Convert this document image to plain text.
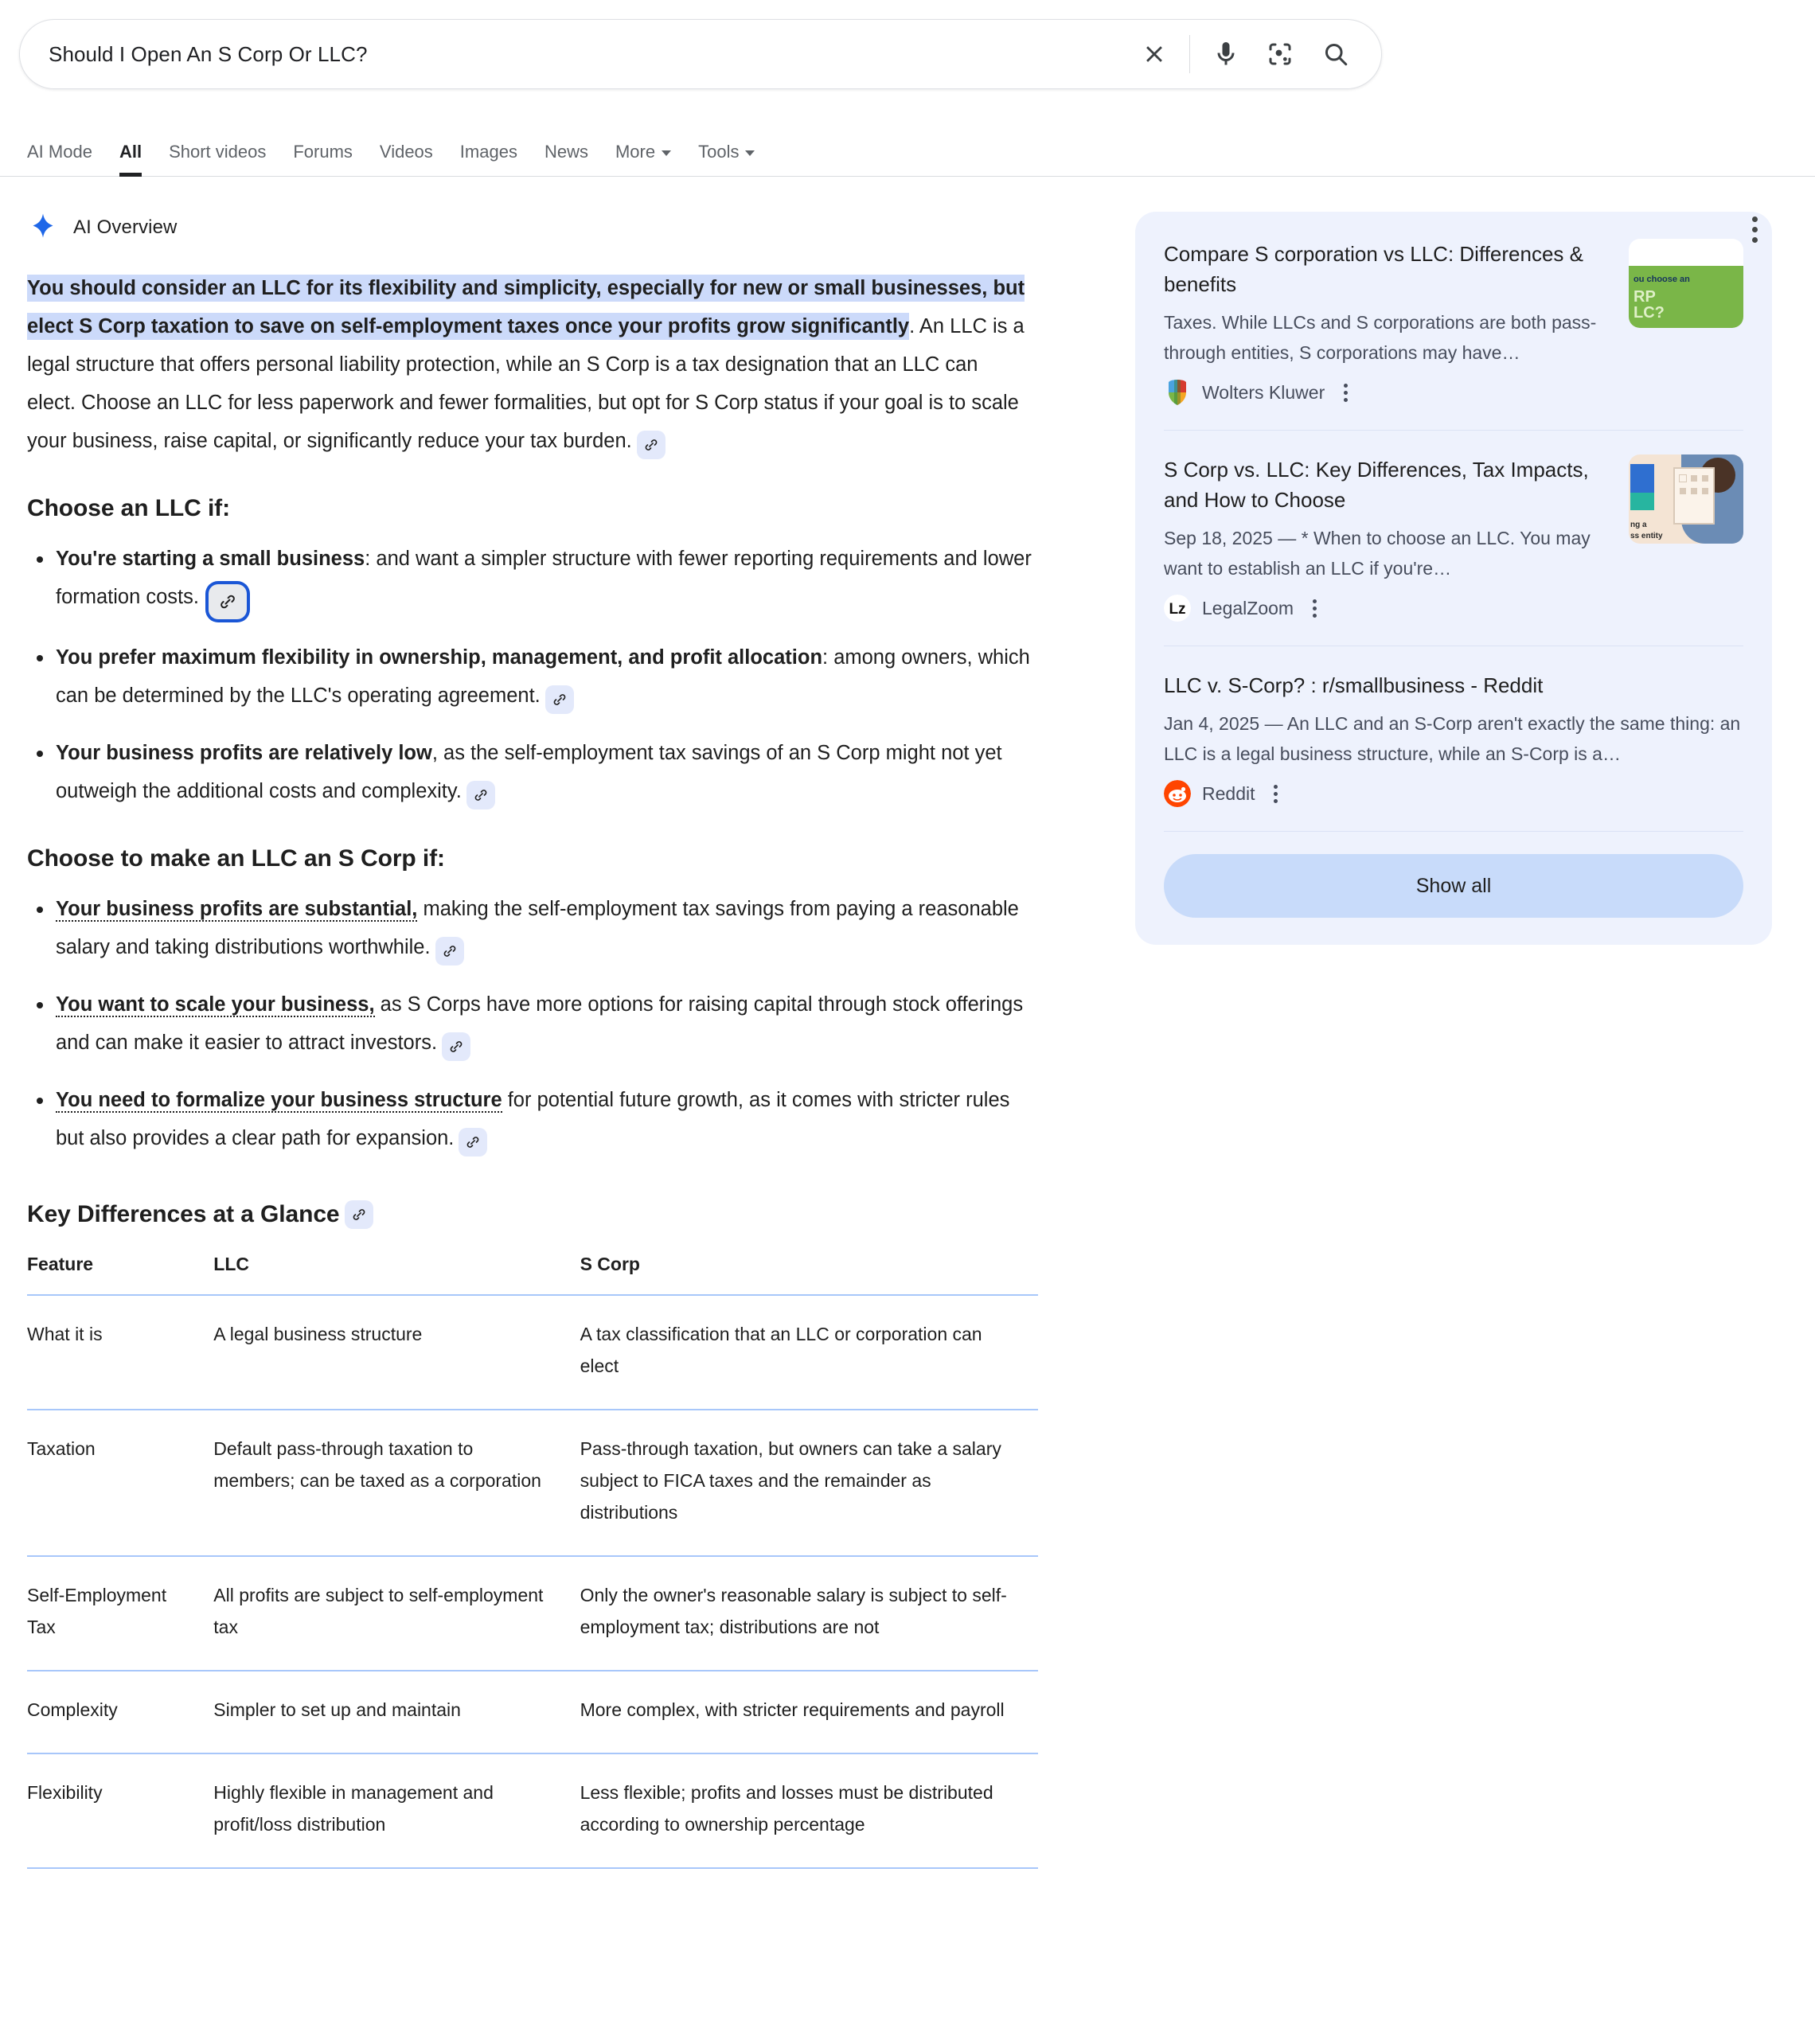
Should I Open An S Corp Or LLC?
AI Mode	All	Short videos	Forums	Videos	Images	News	More	Tools
AI Overview
You should consider an LLC for its flexibility and simplicity, especially for new or small businesses, but elect S Corp taxation to save on self-employment taxes once your profits grow significantly. An LLC is a legal structure that offers personal liability protection, while an S Corp is a tax designation that an LLC can elect. Choose an LLC for less paperwork and fewer formalities, but opt for S Corp status if your goal is to scale your business, raise capital, or significantly reduce your tax burden.
Choose an LLC if:
You're starting a small business: and want a simpler structure with fewer reporting requirements and lower formation costs.
You prefer maximum flexibility in ownership, management, and profit allocation: among owners, which can be determined by the LLC's operating agreement.
Your business profits are relatively low, as the self-employment tax savings of an S Corp might not yet outweigh the additional costs and complexity.
Choose to make an LLC an S Corp if:
Your business profits are substantial, making the self-employment tax savings from paying a reasonable salary and taking distributions worthwhile.
You want to scale your business, as S Corps have more options for raising capital through stock offerings and can make it easier to attract investors.
You need to formalize your business structure for potential future growth, as it comes with stricter rules but also provides a clear path for expansion.
Key Differences at a Glance
Feature	LLC	S Corp
What it is	A legal business structure	A tax classification that an LLC or corporation can elect
Taxation	Default pass-through taxation to members; can be taxed as a corporation	Pass-through taxation, but owners can take a salary subject to FICA taxes and the remainder as distributions
Self-Employment Tax	All profits are subject to self-employment tax	Only the owner's reasonable salary is subject to self-employment tax; distributions are not
Complexity	Simpler to set up and maintain	More complex, with stricter requirements and payroll
Flexibility	Highly flexible in management and profit/loss distribution	Less flexible; profits and losses must be distributed according to ownership percentage
Compare S corporation vs LLC: Differences & benefits
Taxes. While LLCs and S corporations are both pass-through entities, S corporations may have…
Wolters Kluwer
ou choose an
RP
LC?
S Corp vs. LLC: Key Differences, Tax Impacts, and How to Choose
Sep 18, 2025 — * When to choose an LLC. You may want to establish an LLC if you're…
Lz LegalZoom
ng a
ss entity
LLC v. S-Corp? : r/smallbusiness - Reddit
Jan 4, 2025 — An LLC and an S-Corp aren't exactly the same thing: an LLC is a legal business structure, while an S-Corp is a…
Reddit
Show all
